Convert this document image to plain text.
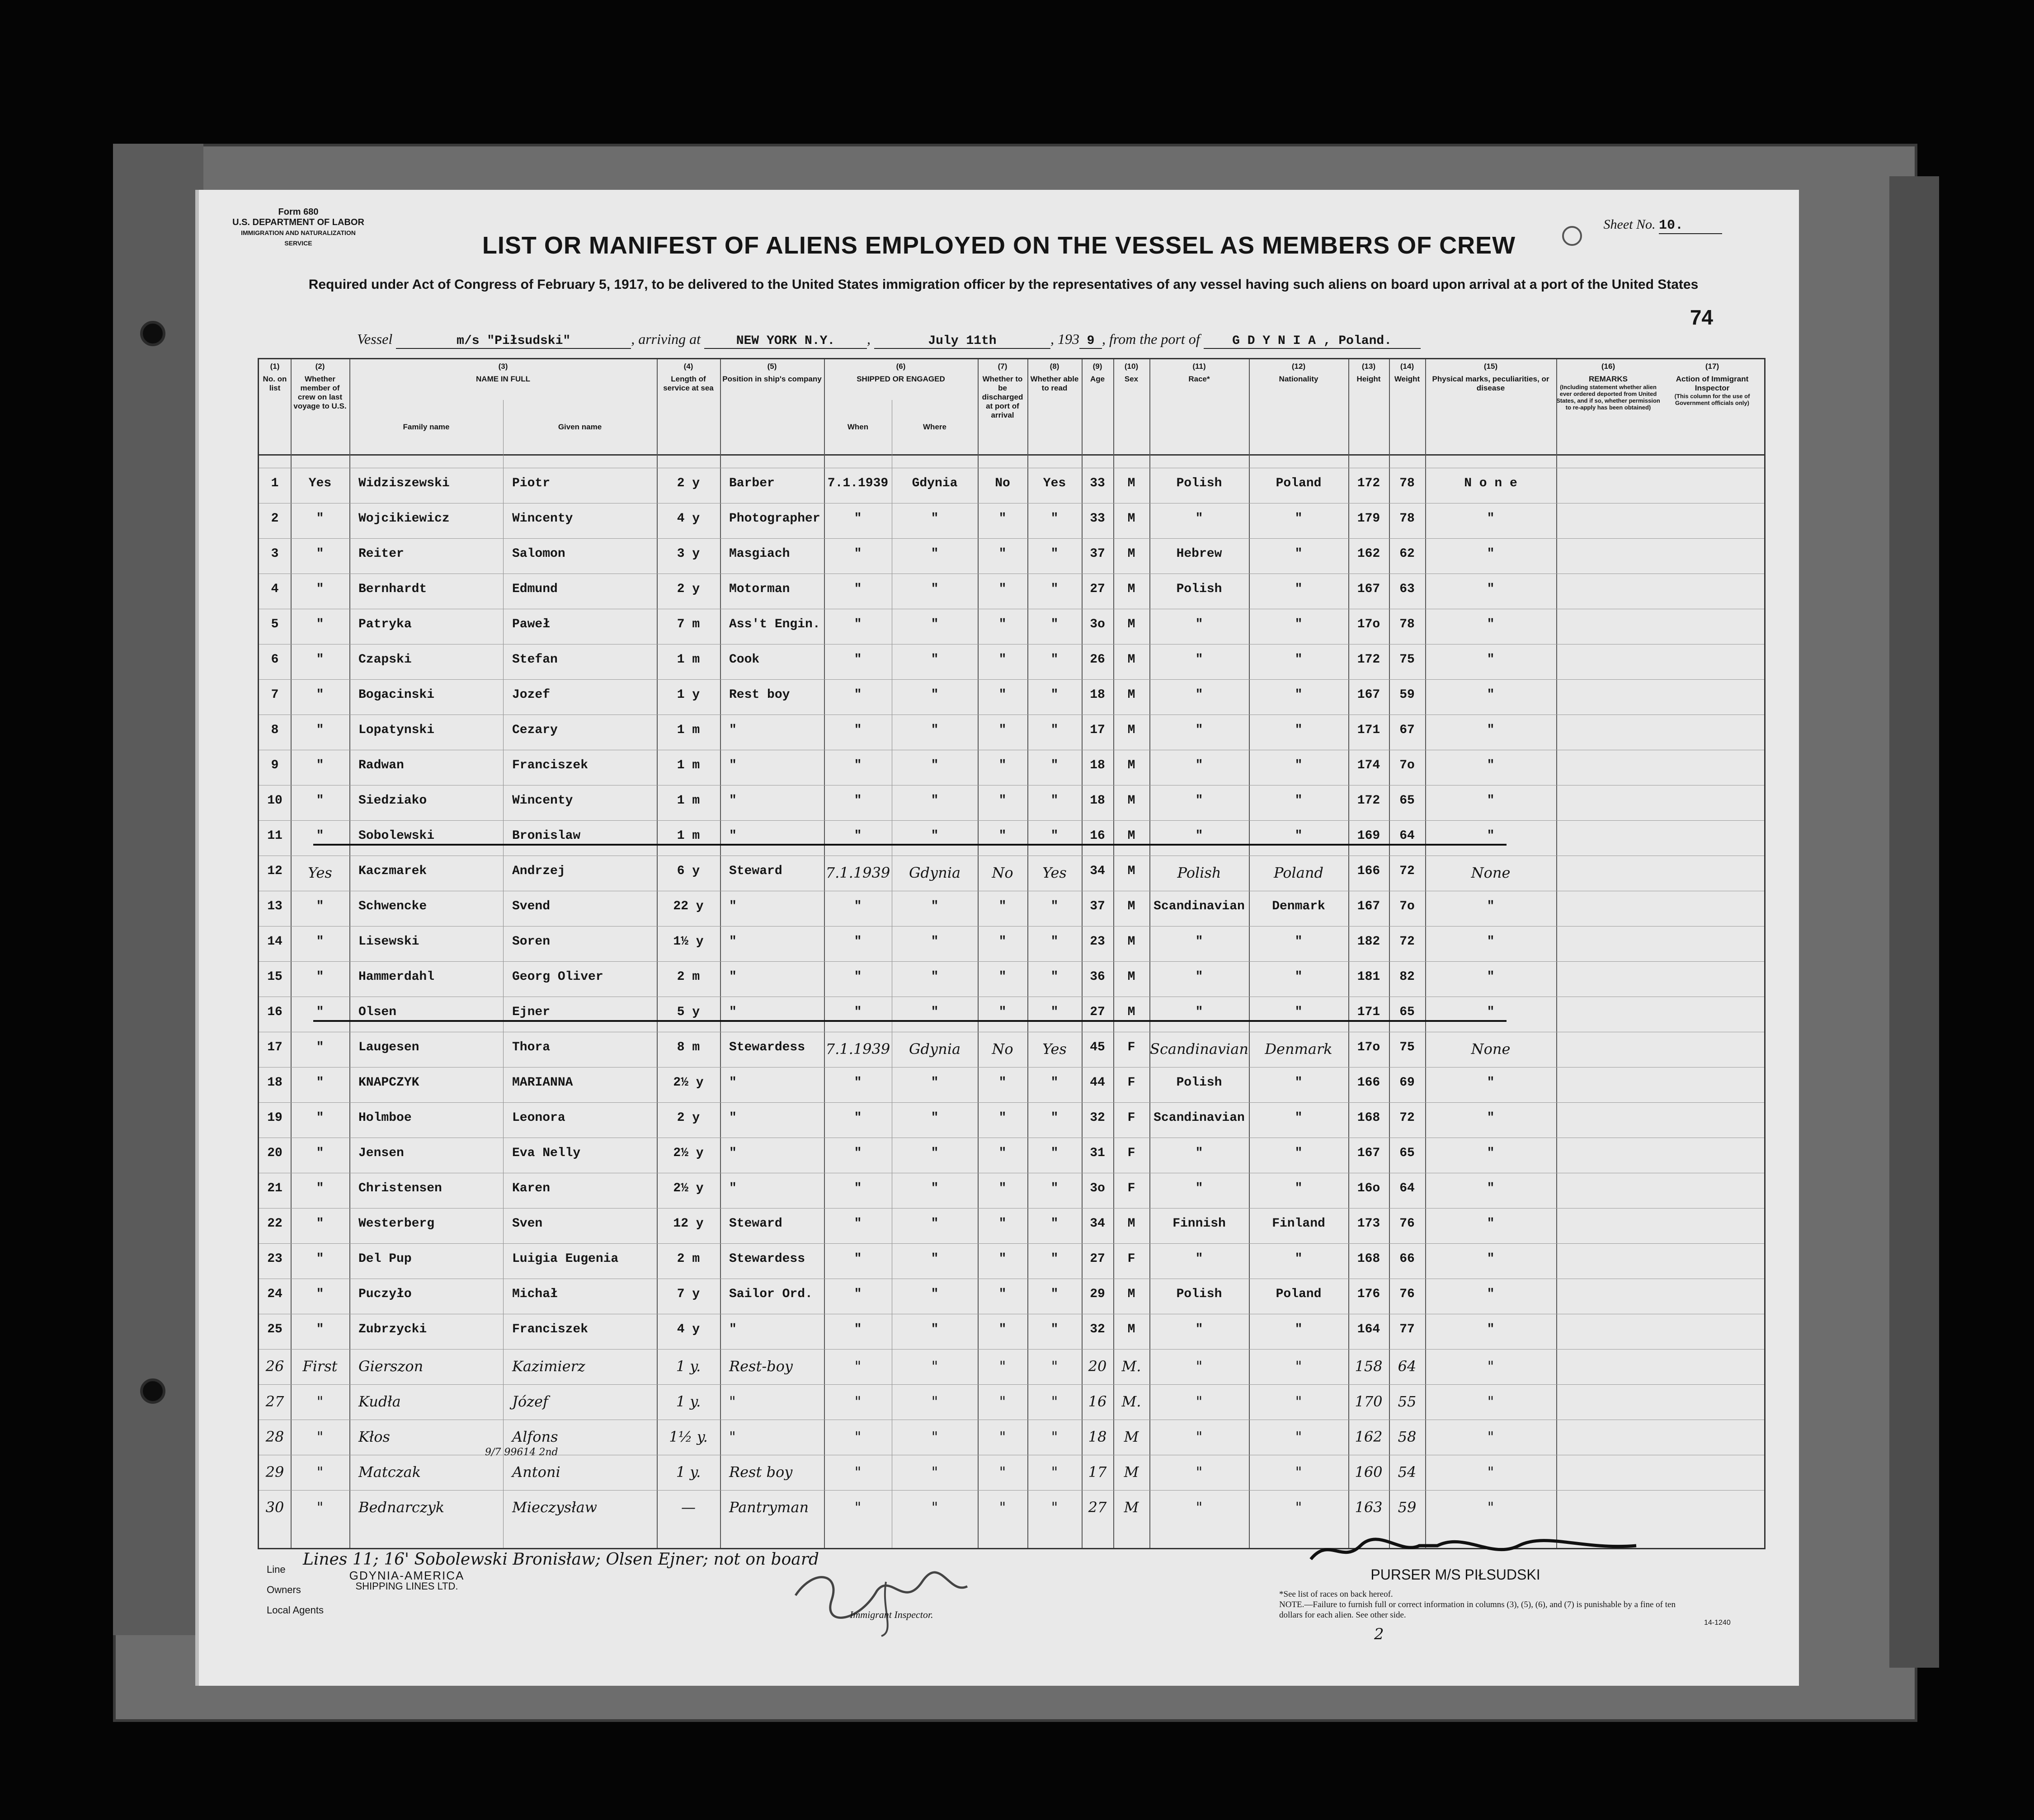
Form 680
U.S. DEPARTMENT OF LABOR
IMMIGRATION AND NATURALIZATION SERVICE
Sheet No. 10.
LIST OR MANIFEST OF ALIENS EMPLOYED ON THE VESSEL AS MEMBERS OF CREW
Required under Act of Congress of February 5, 1917, to be delivered to the United States immigration officer by the representatives of any vessel having such aliens on board upon arrival at a port of the United States
74
Vessel	m/s "Piłsudski"	, arriving at	NEW YORK N.Y. ,	July 11th	, 193 9 , from the port of	G D Y N I A , Poland.
(1)
No. on list
(2)
Whether member of crew on last voyage to U.S.
(3)
NAME IN FULL
Family name	Given name
(4)
Length of service at sea
(5)
Position in ship's company
(6)
SHIPPED OR ENGAGED
When	Where
(7)
Whether to be discharged at port of arrival
(8)
Whether able to read
(9)
Age
(10)
Sex
(11)
Race*
(12)
Nationality
(13)
Height
(14)
Weight
(15)
Physical marks, peculiarities, or disease
(16)
REMARKS
(Including statement whether alien ever ordered deported from United States, and if so, whether permission to re-apply has been obtained)
(17)
Action of Immigrant Inspector
(This column for the use of Government officials only)
1	Yes	Widziszewski	Piotr	2 y	Barber	7.1.1939	Gdynia	No	Yes	33	M	Polish	Poland	172	78	N o n e
2	"	Wojcikiewicz	Wincenty	4 y	Photographer	"	"	"	"	33	M	"	"	179	78	"
3	"	Reiter	Salomon	3 y	Masgiach	"	"	"	"	37	M	Hebrew	"	162	62	"
4	"	Bernhardt	Edmund	2 y	Motorman	"	"	"	"	27	M	Polish	"	167	63	"
5	"	Patryka	Paweł	7 m	Ass't Engin.	"	"	"	"	3o	M	"	"	17o	78	"
6	"	Czapski	Stefan	1 m	Cook	"	"	"	"	26	M	"	"	172	75	"
7	"	Bogacinski	Jozef	1 y	Rest boy	"	"	"	"	18	M	"	"	167	59	"
8	"	Lopatynski	Cezary	1 m	"	"	"	"	"	17	M	"	"	171	67	"
9	"	Radwan	Franciszek	1 m	"	"	"	"	"	18	M	"	"	174	7o	"
10	"	Siedziako	Wincenty	1 m	"	"	"	"	"	18	M	"	"	172	65	"
11	"	Sobolewski	Bronislaw	1 m	"	"	"	"	"	16	M	"	"	169	64	"
12	Yes	Kaczmarek	Andrzej	6 y	Steward	7.1.1939	Gdynia	No	Yes	34	M	Polish	Poland	166	72	None
13	"	Schwencke	Svend	22 y	"	"	"	"	"	37	M	Scandinavian	Denmark	167	7o	"
14	"	Lisewski	Soren	1½ y	"	"	"	"	"	23	M	"	"	182	72	"
15	"	Hammerdahl	Georg Oliver	2 m	"	"	"	"	"	36	M	"	"	181	82	"
16	"	Olsen	Ejner	5 y	"	"	"	"	"	27	M	"	"	171	65	"
17	"	Laugesen	Thora	8 m	Stewardess 7.1.1939	Gdynia	No	Yes	45	F	Scandinavian	Denmark	17o	75	None
18	"	KNAPCZYK	MARIANNA	2½ y	"	"	"	"	"	44	F	Polish	"	166	69	"
19	"	Holmboe	Leonora	2 y	"	"	"	"	"	32	F	Scandinavian	"	168	72	"
20	"	Jensen	Eva Nelly	2½ y	"	"	"	"	"	31	F	"	"	167	65	"
21	"	Christensen	Karen	2½ y	"	"	"	"	"	3o	F	"	"	16o	64	"
22	"	Westerberg	Sven	12 y	Steward	"	"	"	"	34	M	Finnish	Finland	173	76	"
23	"	Del Pup	Luigia Eugenia	2 m	Stewardess	"	"	"	"	27	F	"	"	168	66	"
24	"	Puczyło	Michał	7 y	Sailor Ord.	"	"	"	"	29	M	Polish	Poland	176	76	"
25	"	Zubrzycki	Franciszek	4 y	"	"	"	"	"	32	M	"	"	164	77	"
26	First	Gierszon	Kazimierz	1 y.	Rest-boy	"	"	"	"	20	M.	"	"	158	64	"
27	"	Kudła	Józef	1 y.	"	"	"	"	"	16	M.	"	"	170	55	"
28	"	Kłos	Alfons	1½ y.	"	"	"	"	"	18	M	"	"	162	58	"
29	"	Matczak	Antoni	1 y.	Rest boy	"	"	"	"	17	M	"	"	160	54	"
30	"	Bednarczyk	Mieczysław	—	Pantryman	"	"	"	"	27	M	"	"	163	59	"
9/7 99614 2nd
Line
Owners
Local Agents
Lines 11; 16' Sobolewski Bronisław; Olsen Ejner; not on board
GDYNIA-AMERICA
SHIPPING LINES LTD.
Immigrant Inspector.
PURSER M/S PIŁSUDSKI
*See list of races on back hereof.
NOTE.—Failure to furnish full or correct information in columns (3), (5), (6), and (7) is punishable by a fine of ten dollars for each alien. See other side.
14-1240
2
